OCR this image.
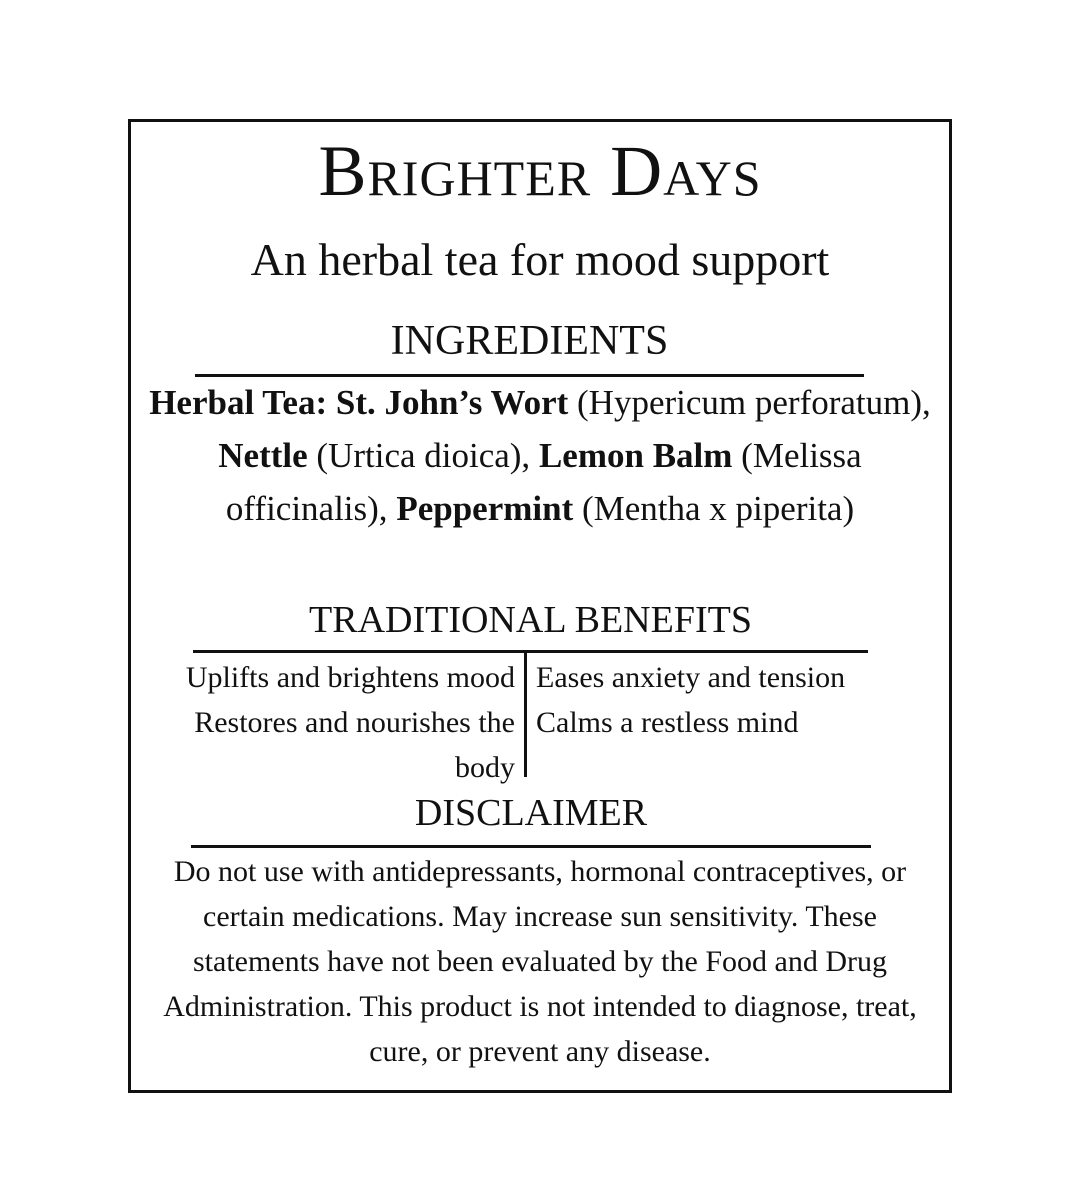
Brighter Days

An herbal tea for mood support

INGREDIENTS

Herbal Tea: St. John’s Wort (Hypericum perforatum), Nettle (Urtica dioica), Lemon Balm (Melissa officinalis), Peppermint (Mentha x piperita)

TRADITIONAL BENEFITS
Uplifts and brightens mood
Restores and nourishes the body
Eases anxiety and tension
Calms a restless mind
DISCLAIMER

Do not use with antidepressants, hormonal contraceptives, or certain medications. May increase sun sensitivity. These statements have not been evaluated by the Food and Drug Administration. This product is not intended to diagnose, treat, cure, or prevent any disease.
